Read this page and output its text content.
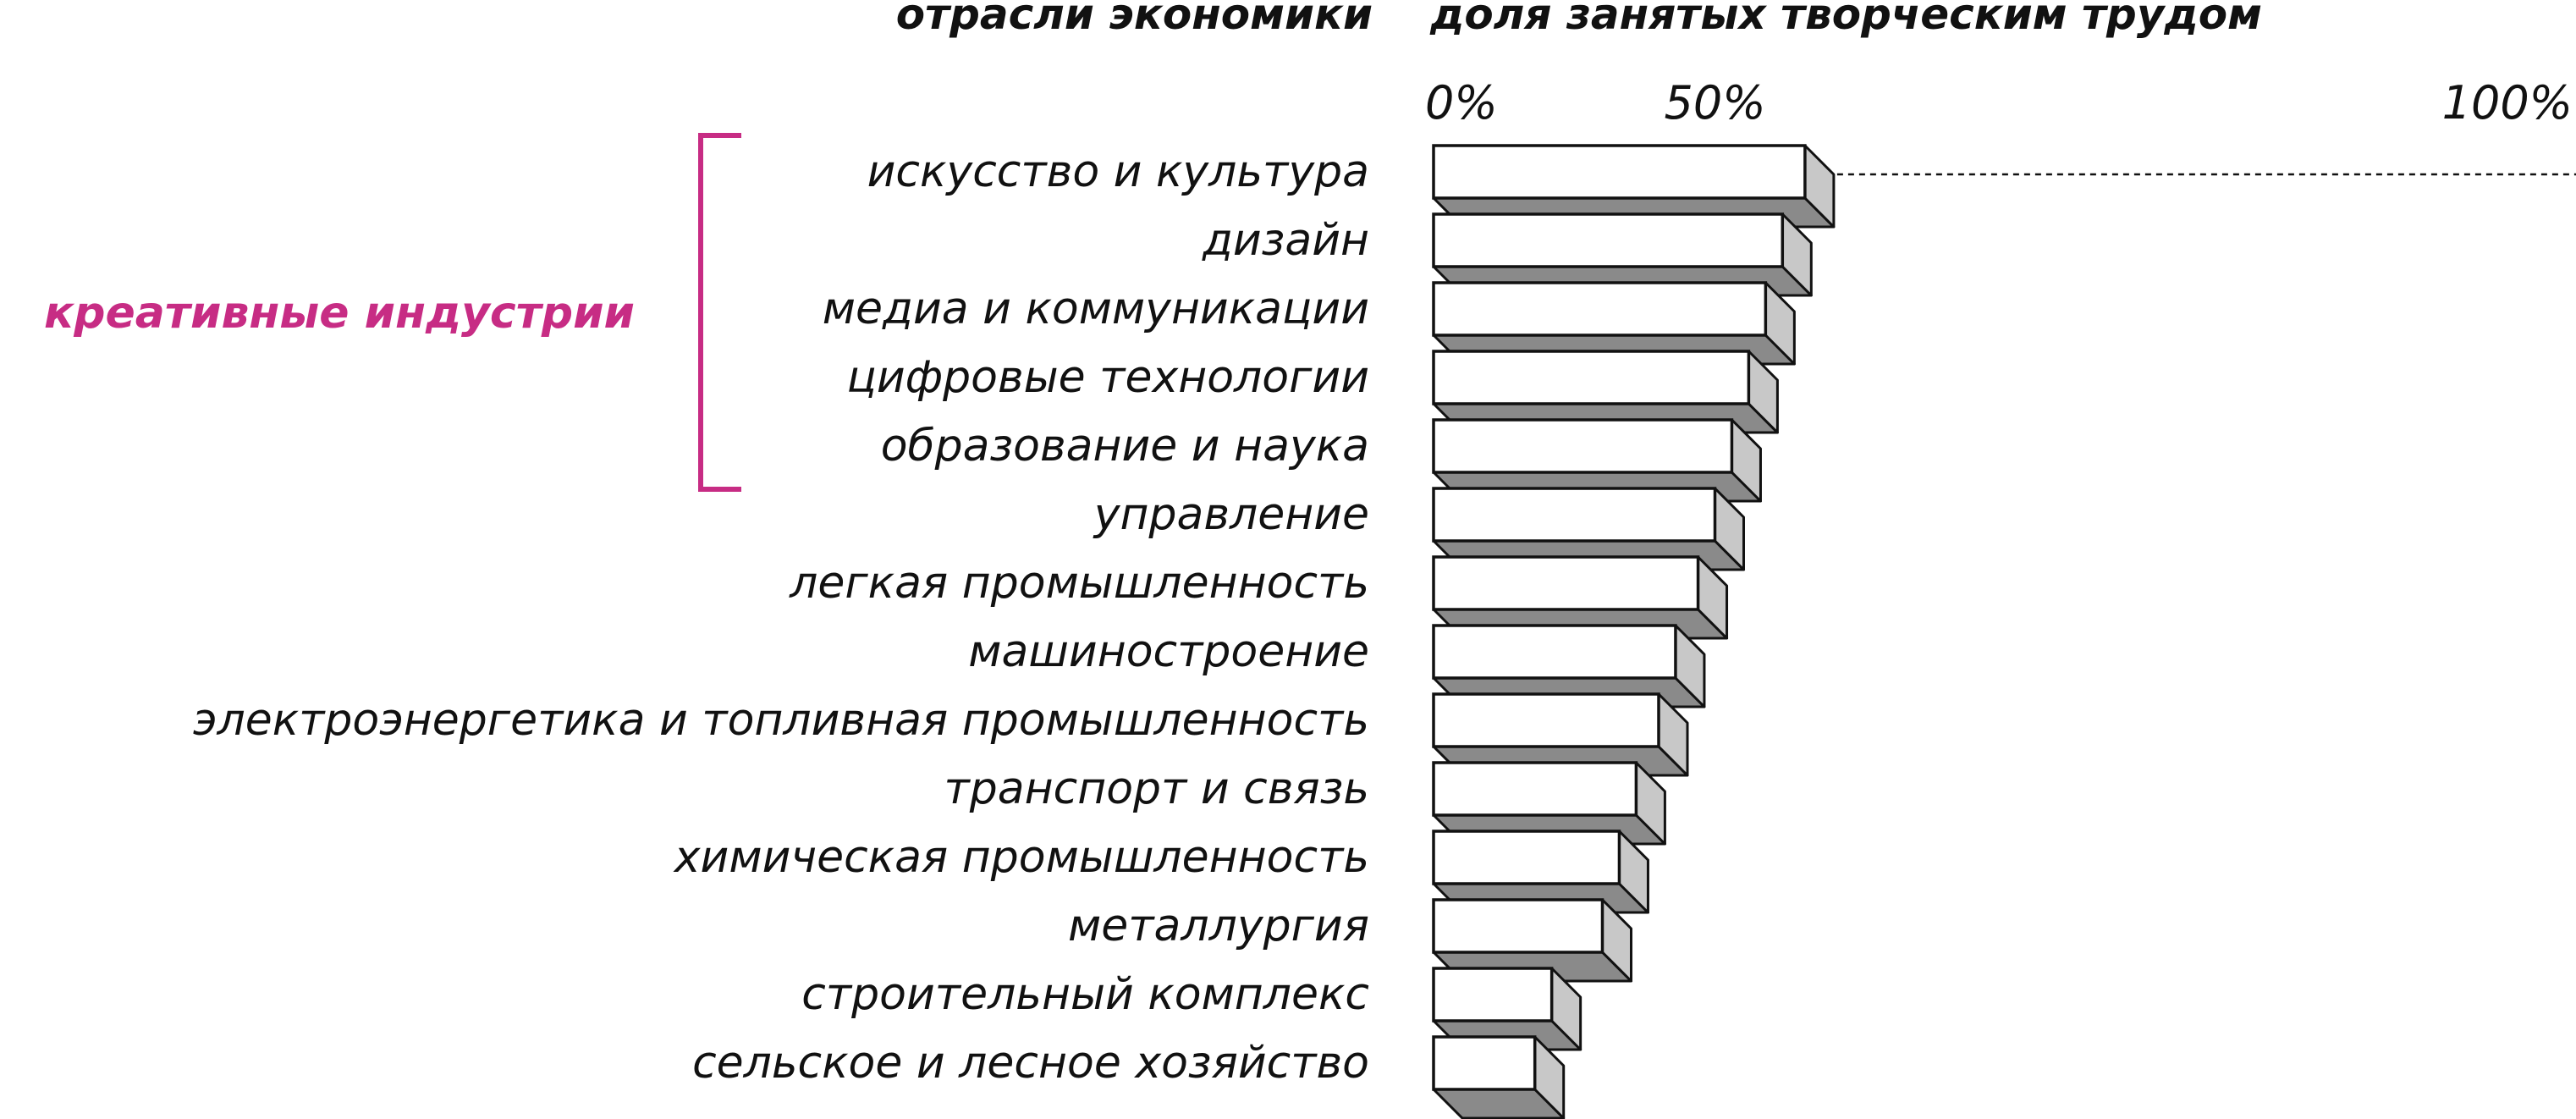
отрасли экономики доля занятых творческим трудом
0%	50%	100%
креативные индустрии
искусство и культура
дизайн
медиа и коммуникации
цифровые технологии
образование и наука
управление
легкая промышленность
машиностроение
электроэнергетика и топливная промышленность
транспорт и связь
химическая промышленность
металлургия
строительный комплекс
сельское и лесное хозяйство
